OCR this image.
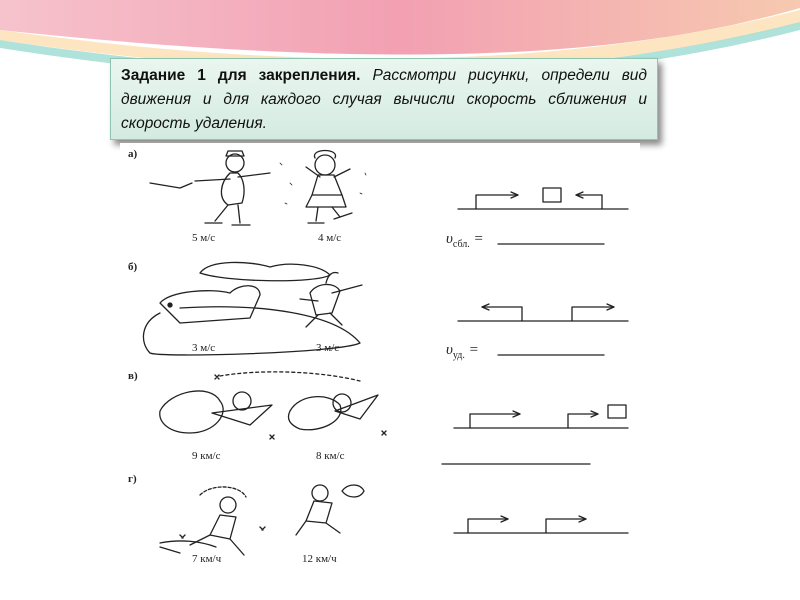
Задание 1 для закрепления. Рассмотри рисунки, определи вид движения и для каждого случая вычисли скорость сближения и скорость удаления.
а)
б)
в)
г)
5 м/с	4 м/с
3 м/с	3 м/с
9 км/с	8 км/с
7 км/ч	12 км/ч
$\upsilon_{сбл.}$ =
$\upsilon_{уд.}$ =
